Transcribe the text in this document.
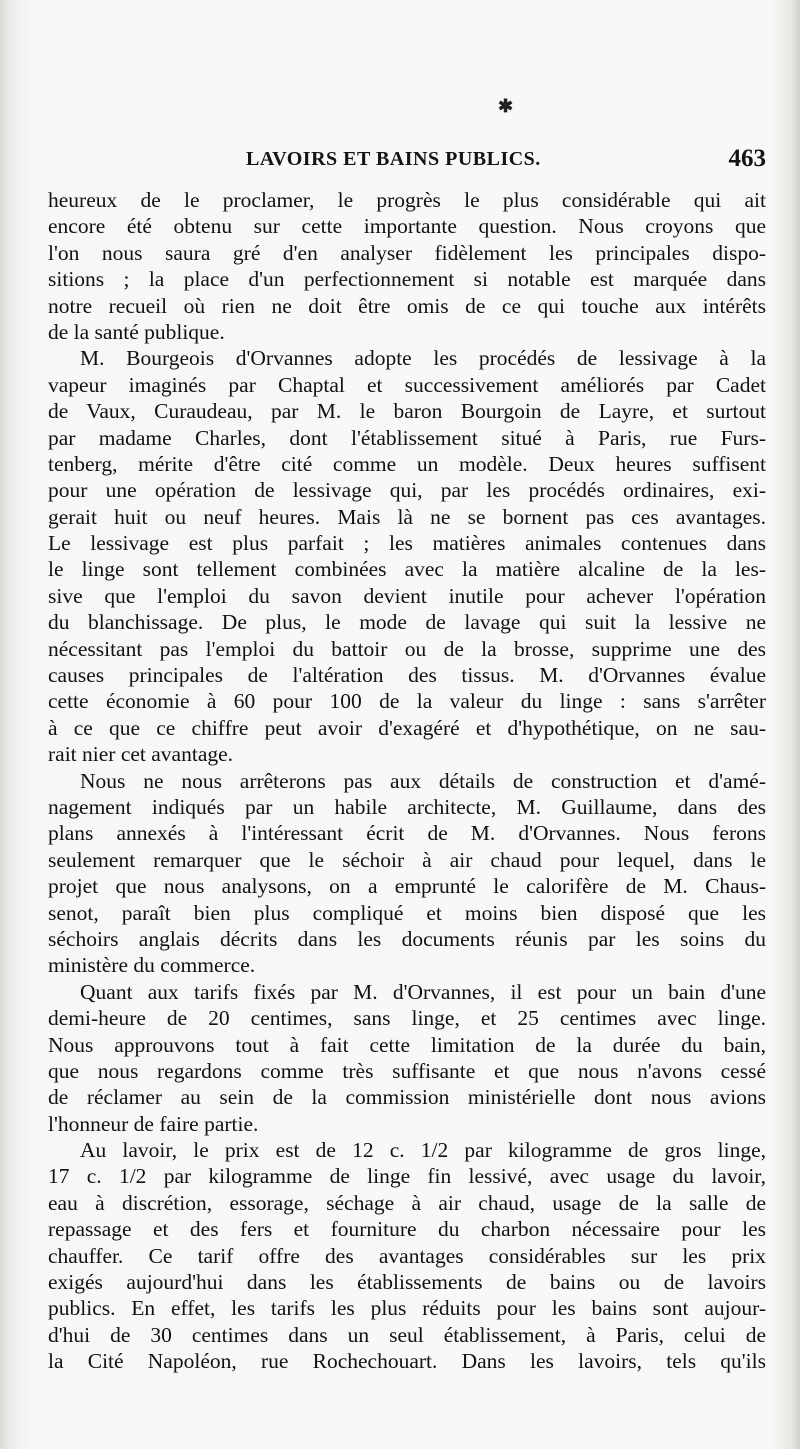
✱
LAVOIRS ET BAINS PUBLICS.	463
heureux de le proclamer, le progrès le plus considérable qui ait
encore été obtenu sur cette importante question. Nous croyons que
l'on nous saura gré d'en analyser fidèlement les principales dispo-
sitions ; la place d'un perfectionnement si notable est marquée dans
notre recueil où rien ne doit être omis de ce qui touche aux intérêts
de la santé publique.
M. Bourgeois d'Orvannes adopte les procédés de lessivage à la
vapeur imaginés par Chaptal et successivement améliorés par Cadet
de Vaux, Curaudeau, par M. le baron Bourgoin de Layre, et surtout
par madame Charles, dont l'établissement situé à Paris, rue Furs-
tenberg, mérite d'être cité comme un modèle. Deux heures suffisent
pour une opération de lessivage qui, par les procédés ordinaires, exi-
gerait huit ou neuf heures. Mais là ne se bornent pas ces avantages.
Le lessivage est plus parfait ; les matières animales contenues dans
le linge sont tellement combinées avec la matière alcaline de la les-
sive que l'emploi du savon devient inutile pour achever l'opération
du blanchissage. De plus, le mode de lavage qui suit la lessive ne
nécessitant pas l'emploi du battoir ou de la brosse, supprime une des
causes principales de l'altération des tissus. M. d'Orvannes évalue
cette économie à 60 pour 100 de la valeur du linge : sans s'arrêter
à ce que ce chiffre peut avoir d'exagéré et d'hypothétique, on ne sau-
rait nier cet avantage.
Nous ne nous arrêterons pas aux détails de construction et d'amé-
nagement indiqués par un habile architecte, M. Guillaume, dans des
plans annexés à l'intéressant écrit de M. d'Orvannes. Nous ferons
seulement remarquer que le séchoir à air chaud pour lequel, dans le
projet que nous analysons, on a emprunté le calorifère de M. Chaus-
senot, paraît bien plus compliqué et moins bien disposé que les
séchoirs anglais décrits dans les documents réunis par les soins du
ministère du commerce.
Quant aux tarifs fixés par M. d'Orvannes, il est pour un bain d'une
demi-heure de 20 centimes, sans linge, et 25 centimes avec linge.
Nous approuvons tout à fait cette limitation de la durée du bain,
que nous regardons comme très suffisante et que nous n'avons cessé
de réclamer au sein de la commission ministérielle dont nous avions
l'honneur de faire partie.
Au lavoir, le prix est de 12 c. 1/2 par kilogramme de gros linge,
17 c. 1/2 par kilogramme de linge fin lessivé, avec usage du lavoir,
eau à discrétion, essorage, séchage à air chaud, usage de la salle de
repassage et des fers et fourniture du charbon nécessaire pour les
chauffer. Ce tarif offre des avantages considérables sur les prix
exigés aujourd'hui dans les établissements de bains ou de lavoirs
publics. En effet, les tarifs les plus réduits pour les bains sont aujour-
d'hui de 30 centimes dans un seul établissement, à Paris, celui de
la Cité Napoléon, rue Rochechouart. Dans les lavoirs, tels qu'ils
